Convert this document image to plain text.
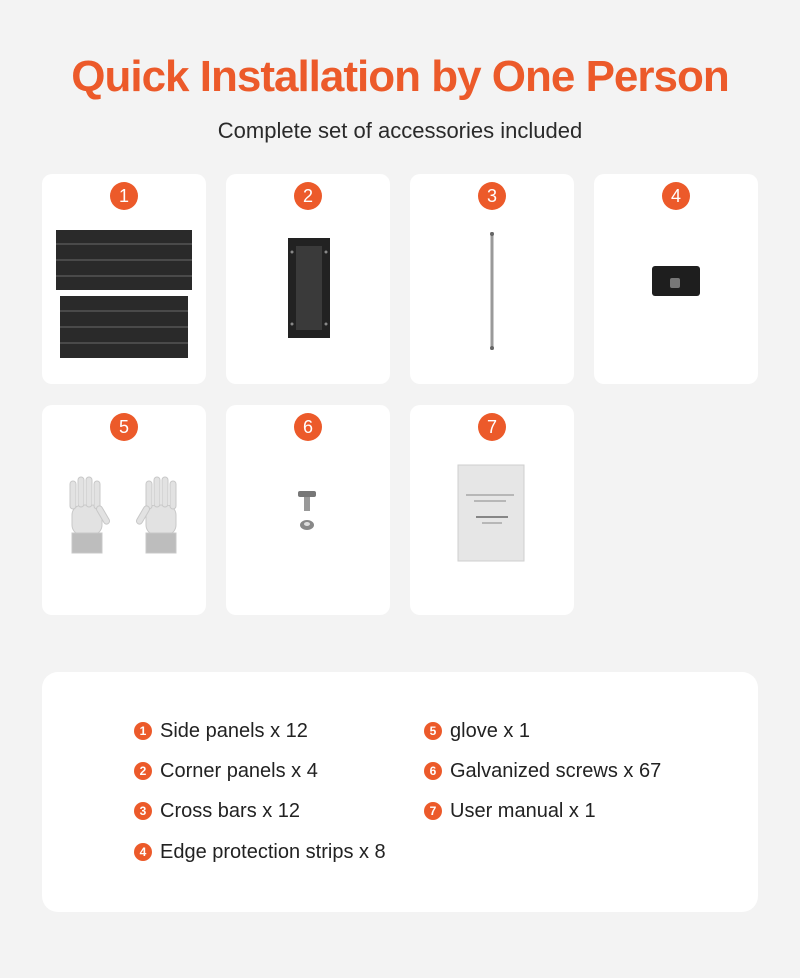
Quick Installation by One Person
Complete set of accessories included
1	2	3	4
5	6	7
1 Side panels x 12
2 Corner panels x 4
3 Cross bars x 12
4 Edge protection strips x 8
5 glove x 1
6 Galvanized screws x 67
7 User manual x 1
